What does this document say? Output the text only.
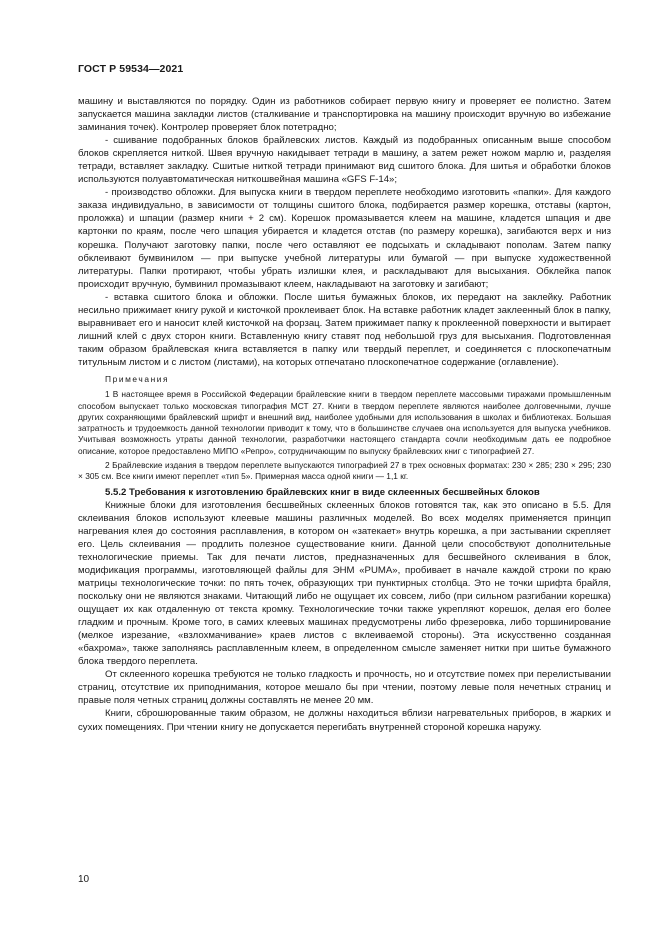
ГОСТ Р 59534—2021

машину и выставляются по порядку. Один из работников собирает первую книгу и проверяет ее полистно. Затем запускается машина закладки листов (сталкивание и транспортировка на машину происходит вручную во избежание заминания точек). Контролер проверяет блок потетрадно;

- сшивание подобранных блоков брайлевских листов. Каждый из подобранных описанным выше способом блоков скрепляется ниткой. Швея вручную накидывает тетради в машину, а затем режет ножом марлю и, разделяя тетради, вставляет закладку. Сшитые ниткой тетради принимают вид сшитого блока. Для шитья и обработки блоков используются полуавтоматическая ниткошвейная машина «GFS F-14»;

- производство обложки. Для выпуска книги в твердом переплете необходимо изготовить «папки». Для каждого заказа индивидуально, в зависимости от толщины сшитого блока, подбирается размер корешка, отставы (картон, проложка) и шпации (размер книги + 2 см). Корешок промазывается клеем на машине, кладется шпация и две картонки по краям, после чего шпация убирается и кладется отстав (по размеру корешка), загибаются верх и низ корешка. Получают заготовку папки, после чего оставляют ее подсыхать и складывают пополам. Затем папку обклеивают бумвинилом — при выпуске учебной литературы или бумагой — при выпуске художественной литературы. Папки протирают, чтобы убрать излишки клея, и раскладывают для высыхания. Обклейка папок происходит вручную, бумвинил промазывают клеем, накладывают на заготовку и загибают;

- вставка сшитого блока и обложки. После шитья бумажных блоков, их передают на заклейку. Работник несильно прижимает книгу рукой и кисточкой проклеивает блок. На вставке работник кладет заклеенный блок в папку, выравнивает его и наносит клей кисточкой на форзац. Затем прижимает папку к проклеенной поверхности и вытирает лишний клей с двух сторон книги. Вставленную книгу ставят под небольшой груз для высыхания. Подготовленная таким образом брайлевская книга вставляется в папку или твердый переплет, и соединяется с плоскопечатным титульным листом и с листом (листами), на которых отпечатано плоскопечатное содержание (оглавление).

Примечания

1 В настоящее время в Российской Федерации брайлевские книги в твердом переплете массовыми тиражами промышленным способом выпускает только московская типография МСТ 27. Книги в твердом переплете являются наиболее долговечными, лучше других сохраняющими брайлевский шрифт и внешний вид, наиболее удобными для использования в школах и библиотеках. Большая затратность и трудоемкость данной технологии приводит к тому, что в большинстве случаев она используется для выпуска учебников. Учитывая возможность утраты данной технологии, разработчики настоящего стандарта сочли необходимым дать ее подробное описание, которое предоставлено МИПО «Репро», сотрудничающим по выпуску брайлевских книг с типографией 27.

2 Брайлевские издания в твердом переплете выпускаются типографией 27 в трех основных форматах: 230 × 285; 230 × 295; 230 × 305 см. Все книги имеют переплет «тип 5». Примерная масса одной книги — 1,1 кг.

5.5.2 Требования к изготовлению брайлевских книг в виде склеенных бесшвейных блоков

Книжные блоки для изготовления бесшвейных склеенных блоков готовятся так, как это описано в 5.5. Для склеивания блоков используют клеевые машины различных моделей. Во всех моделях применяется принцип нагревания клея до состояния расплавления, в котором он «затекает» внутрь корешка, а при застывании скрепляет его. Цель склеивания — продлить полезное существование книги. Данной цели способствуют дополнительные технологические приемы. Так для печати листов, предназначенных для бесшвейного склеивания в блок, модификация программы, изготовляющей файлы для ЭНМ «PUMA», пробивает в начале каждой строки по краю матрицы технологические точки: по пять точек, образующих три пунктирных столбца. Это не точки шрифта брайля, поскольку они не являются знаками. Читающий либо не ощущает их совсем, либо (при сильном разгибании корешка) ощущает их как отдаленную от текста кромку. Технологические точки также укрепляют корешок, делая его более гладким и прочным. Кроме того, в самих клеевых машинах предусмотрены либо фрезеровка, либо торшинирование (мелкое изрезание, «взлохмачивание» краев листов с вклеиваемой стороны). Эта искусственно созданная «бахрома», также заполняясь расплавленным клеем, в определенном смысле заменяет нитки при шитье бумажного блока твердого переплета.

От склеенного корешка требуются не только гладкость и прочность, но и отсутствие помех при перелистывании страниц, отсутствие их приподнимания, которое мешало бы при чтении, поэтому левые поля нечетных страниц и правые поля четных страниц должны составлять не менее 20 мм.

Книги, сброшюрованные таким образом, не должны находиться вблизи нагревательных приборов, в жарких и сухих помещениях. При чтении книгу не допускается перегибать внутренней стороной корешка наружу.

10
